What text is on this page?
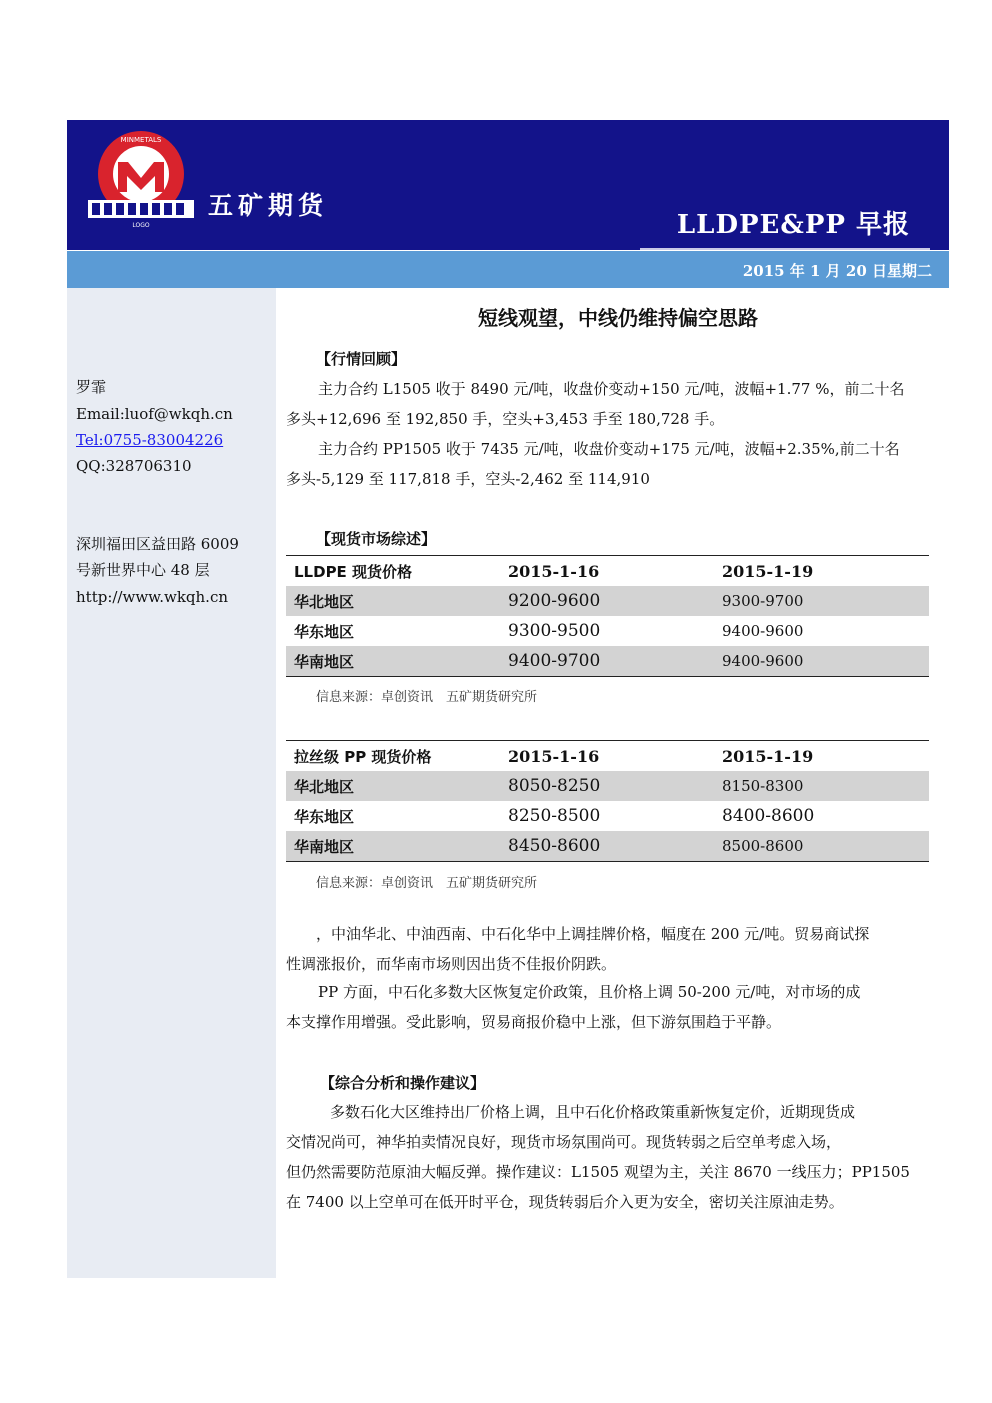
MINMETALS
LOGO
五矿期货
LLDPE&PP 早报
2015 年 1 月 20 日星期二
罗霏
Email:luof@wkqh.cn
Tel:0755-83004226
QQ:328706310
深圳福田区益田路 6009
号新世界中心 48 层
http://www.wkqh.cn
短线观望，中线仍维持偏空思路
【行情回顾】
主力合约 L1505 收于 8490 元/吨，收盘价变动+150 元/吨，波幅+1.77 %，前二十名
多头+12,696 至 192,850 手，空头+3,453 手至 180,728 手。
主力合约 PP1505 收于 7435 元/吨，收盘价变动+175 元/吨，波幅+2.35%,前二十名
多头-5,129 至 117,818 手，空头-2,462 至 114,910
【现货市场综述】
LLDPE 现货价格	2015-1-16	2015-1-19
华北地区	9200-9600	9300-9700
华东地区	9300-9500	9400-9600
华南地区	9400-9700	9400-9600
信息来源：卓创资讯　五矿期货研究所
拉丝级 PP 现货价格	2015-1-16	2015-1-19
华北地区	8050-8250	8150-8300
华东地区	8250-8500	8400-8600
华南地区	8450-8600	8500-8600
信息来源：卓创资讯　五矿期货研究所
，中油华北、中油西南、中石化华中上调挂牌价格，幅度在 200 元/吨。贸易商试探
性调涨报价，而华南市场则因出货不佳报价阴跌。
PP 方面，中石化多数大区恢复定价政策，且价格上调 50-200 元/吨，对市场的成
本支撑作用增强。受此影响，贸易商报价稳中上涨，但下游氛围趋于平静。
【综合分析和操作建议】
多数石化大区维持出厂价格上调，且中石化价格政策重新恢复定价，近期现货成
交情况尚可，神华拍卖情况良好，现货市场氛围尚可。现货转弱之后空单考虑入场，
但仍然需要防范原油大幅反弹。操作建议：L1505 观望为主，关注 8670 一线压力；PP1505
在 7400 以上空单可在低开时平仓，现货转弱后介入更为安全，密切关注原油走势。
